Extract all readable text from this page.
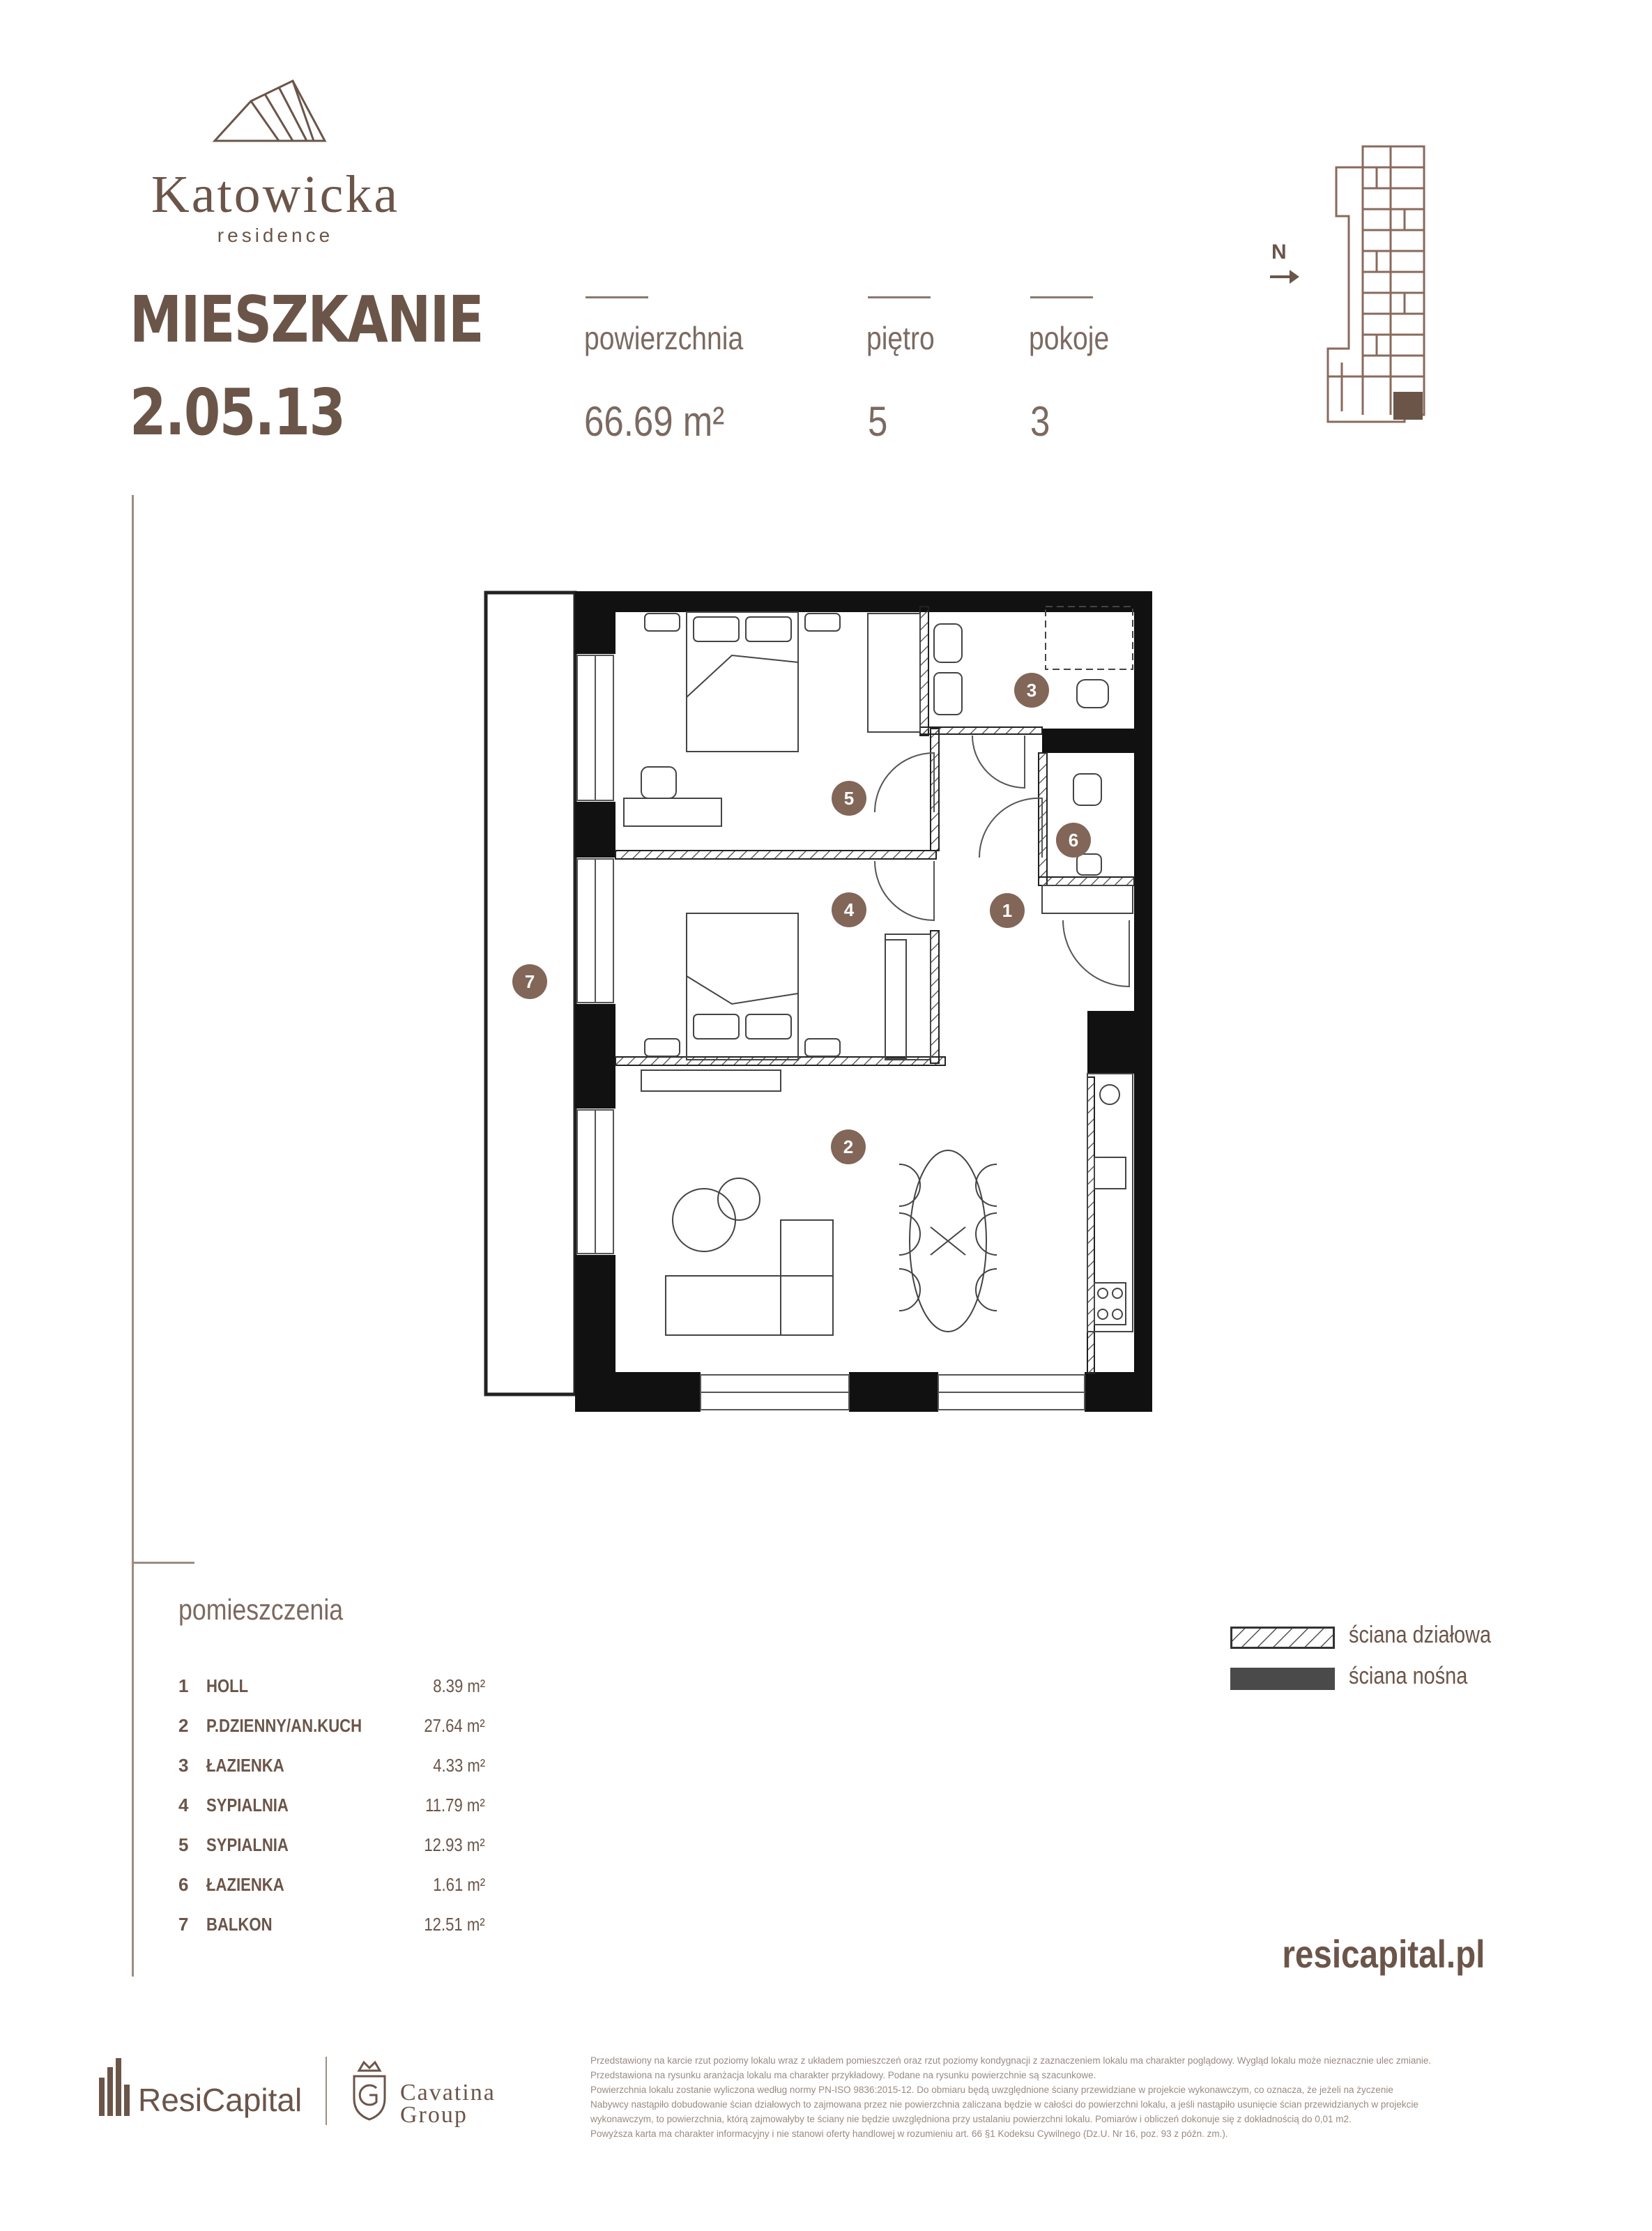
Katowicka
residence
MIESZKANIE
2.05.13
powierzchnia
66.69 m²
piętro
5
pokoje
3
N
1
2
3
4
5
6
7
pomieszczenia
1 HOLL	8.39 m²
2 P.DZIENNY/AN.KUCH	27.64 m²
3 ŁAZIENKA	4.33 m²
4 SYPIALNIA	11.79 m²
5 SYPIALNIA	12.93 m²
6 ŁAZIENKA	1.61 m²
7 BALKON	12.51 m²
ściana działowa
ściana nośna
resicapital.pl
ResiCapital	Cavatina
Group

Przedstawiony na karcie rzut poziomy lokalu wraz z układem pomieszczeń oraz rzut poziomy kondygnacji z zaznaczeniem lokalu ma charakter poglądowy. Wygląd lokalu może nieznacznie ulec zmianie.

Przedstawiona na rysunku aranżacja lokalu ma charakter przykładowy. Podane na rysunku powierzchnie są szacunkowe.

Powierzchnia lokalu zostanie wyliczona według normy PN-ISO 9836:2015-12. Do obmiaru będą uwzględnione ściany przewidziane w projekcie wykonawczym, co oznacza, że jeżeli na życzenie

Nabywcy nastąpiło dobudowanie ścian działowych to zajmowana przez nie powierzchnia zaliczana będzie w całości do powierzchni lokalu, a jeśli nastąpiło usunięcie ścian przewidzianych w projekcie

wykonawczym, to powierzchnia, którą zajmowałyby te ściany nie będzie uwzględniona przy ustalaniu powierzchni lokalu. Pomiarów i obliczeń dokonuje się z dokładnością do 0,01 m2.

Powyższa karta ma charakter informacyjny i nie stanowi oferty handlowej w rozumieniu art. 66 §1 Kodeksu Cywilnego (Dz.U. Nr 16, poz. 93 z późn. zm.).
